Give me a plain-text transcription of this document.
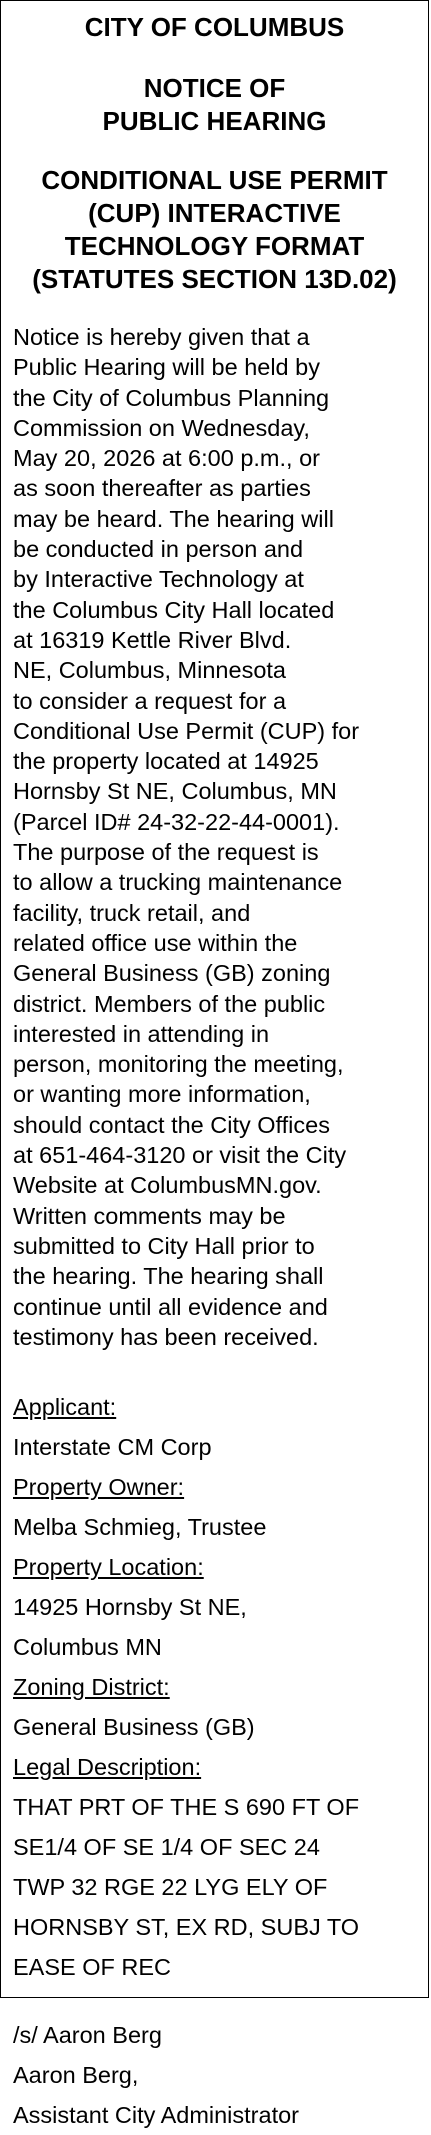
CITY OF COLUMBUS

NOTICE OF
PUBLIC HEARING

CONDITIONAL USE PERMIT
(CUP) INTERACTIVE
TECHNOLOGY FORMAT
(STATUTES SECTION 13D.02)

Notice is hereby given that a
Public Hearing will be held by
the City of Columbus Planning
Commission on Wednesday,
May 20, 2026 at 6:00 p.m., or
as soon thereafter as parties
may be heard. The hearing will
be conducted in person and
by Interactive Technology at
the Columbus City Hall located
at 16319 Kettle River Blvd.
NE, Columbus, Minnesota
to consider a request for a
Conditional Use Permit (CUP) for
the property located at 14925
Hornsby St NE, Columbus, MN
(Parcel ID# 24-32-22-44-0001).
The purpose of the request is
to allow a trucking maintenance
facility, truck retail, and
related office use within the
General Business (GB) zoning
district. Members of the public
interested in attending in
person, monitoring the meeting,
or wanting more information,
should contact the City Offices
at 651-464-3120 or visit the City
Website at ColumbusMN.gov.
Written comments may be
submitted to City Hall prior to
the hearing. The hearing shall
continue until all evidence and
testimony has been received.

Applicant:

Interstate CM Corp

Property Owner:

Melba Schmieg, Trustee

Property Location:

14925 Hornsby St NE,
Columbus MN

Zoning District:

General Business (GB)

Legal Description:

THAT PRT OF THE S 690 FT OF
SE1/4 OF SE 1/4 OF SEC 24
TWP 32 RGE 22 LYG ELY OF
HORNSBY ST, EX RD, SUBJ TO
EASE OF REC

/s/ Aaron Berg

Aaron Berg,

Assistant City Administrator
